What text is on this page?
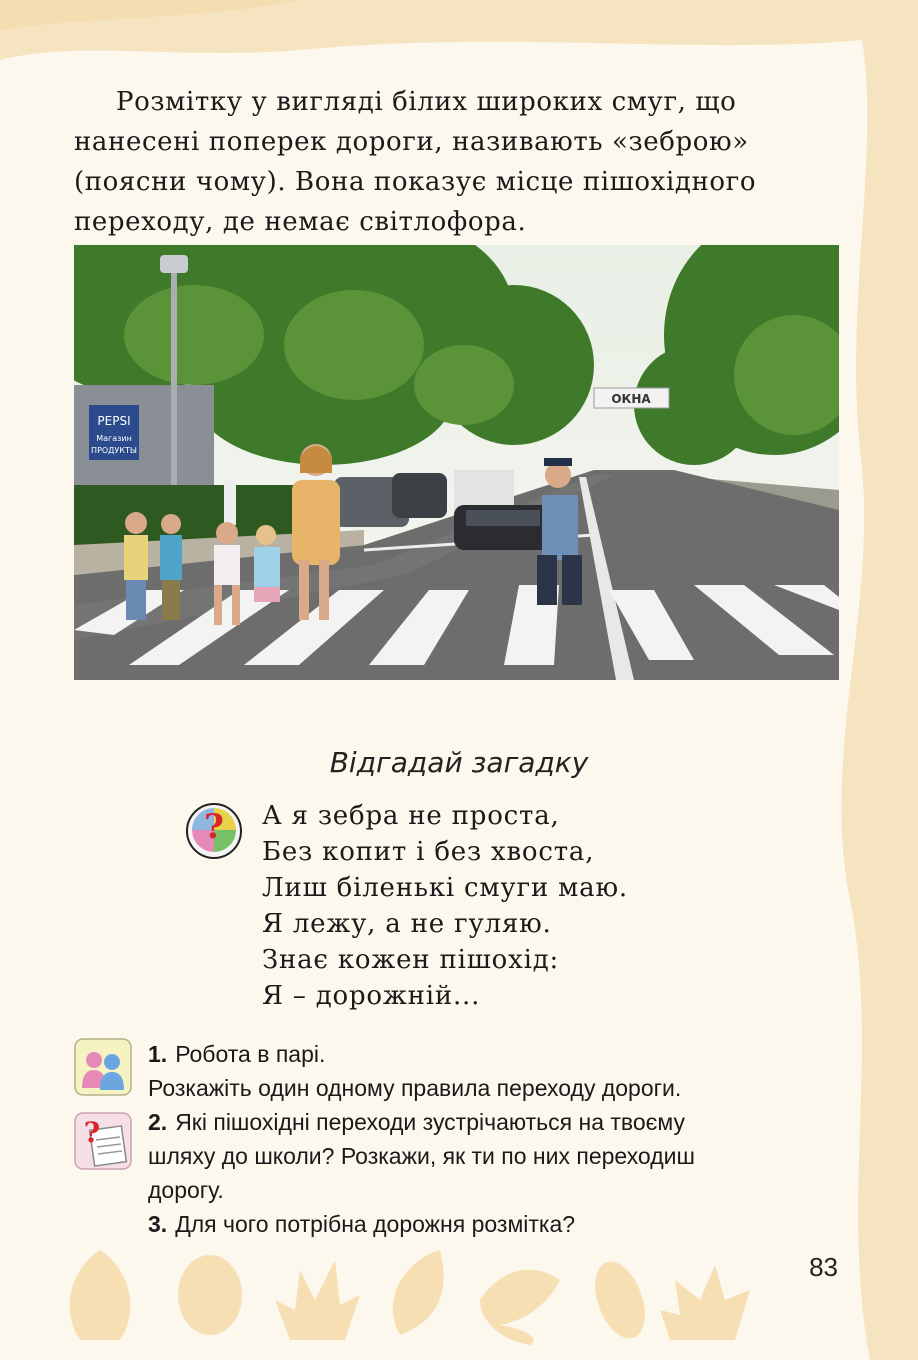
Розмітку у вигляді білих широких смуг, що
нанесені поперек дороги, називають «зеброю»
(поясни чому). Вона показує місце пішохідного
переходу, де немає світлофора.

PEPSI
Магазин
ПРОДУКТЫ
ОКНА
Відгадай загадку
? А я зебра не проста,
Без копит і без хвоста,
Лиш біленькі смуги маю.
Я лежу, а не гуляю.
Знає кожен пішохід:
Я – дорожній...
?
1. Робота в парі.
Розкажіть один одному правила переходу дороги.
2. Які пішохідні переходи зустрічаються на твоєму
шляху до школи? Розкажи, як ти по них переходиш
дорогу.
3. Для чого потрібна дорожня розмітка?
83
